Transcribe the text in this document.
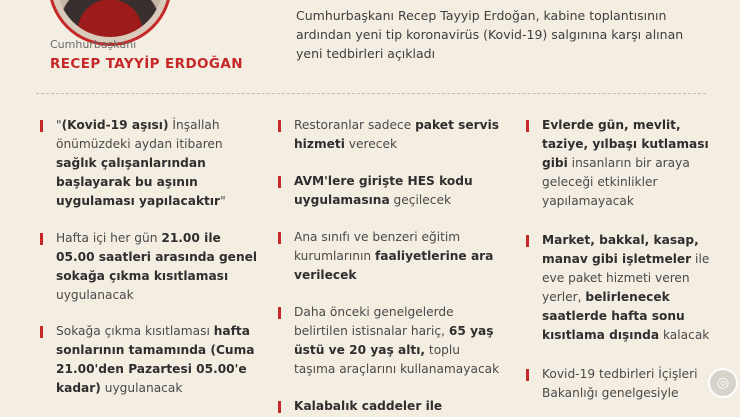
Cumhurbaşkanı
RECEP TAYYİP ERDOĞAN
Cumhurbaşkanı Recep Tayyip Erdoğan, kabine toplantısının ardından yeni tip koronavirüs (Kovid-19) salgınına karşı alınan yeni tedbirleri açıkladı
"(Kovid-19 aşısı) İnşallah önümüzdeki aydan itibaren sağlık çalışanlarından başlayarak bu aşının uygulaması yapılacaktır"
Hafta içi her gün 21.00 ile 05.00 saatleri arasında genel sokağa çıkma kısıtlaması uygulanacak
Sokağa çıkma kısıtlaması hafta sonlarının tamamında (Cuma 21.00'den Pazartesi 05.00'e kadar) uygulanacak
Restoranlar sadece paket servis hizmeti verecek
AVM'lere girişte HES kodu uygulamasına geçilecek
Ana sınıfı ve benzeri eğitim kurumlarının faaliyetlerine ara verilecek
Daha önceki genelgelerde belirtilen istisnalar hariç, 65 yaş üstü ve 20 yaş altı, toplu taşıma araçlarını kullanamayacak
Kalabalık caddeler ile
Evlerde gün, mevlit, taziye, yılbaşı kutlaması gibi insanların bir araya geleceği etkinlikler yapılamayacak
Market, bakkal, kasap, manav gibi işletmeler ile eve paket hizmeti veren yerler, belirlenecek saatlerde hafta sonu kısıtlama dışında kalacak
Kovid-19 tedbirleri İçişleri Bakanlığı genelgesiyle
◎
